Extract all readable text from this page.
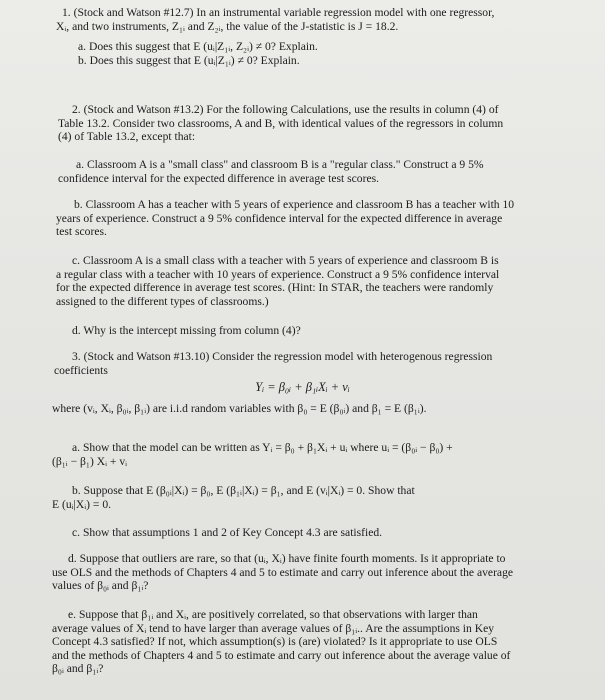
1. (Stock and Watson #12.7) In an instrumental variable regression model with one regressor,

Xᵢ, and two instruments, Z₁ᵢ and Z₂ᵢ, the value of the J-statistic is J = 18.2.

a. Does this suggest that E (uᵢ|Z₁ᵢ, Z₂ᵢ) ≠ 0? Explain.

b. Does this suggest that E (uᵢ|Z₁ᵢ) ≠ 0? Explain.

2. (Stock and Watson #13.2) For the following Calculations, use the results in column (4) of

Table 13.2. Consider two classrooms, A and B, with identical values of the regressors in column

(4) of Table 13.2, except that:

a. Classroom A is a "small class" and classroom B is a "regular class." Construct a 9 5%

confidence interval for the expected difference in average test scores.

b. Classroom A has a teacher with 5 years of experience and classroom B has a teacher with 10

years of experience. Construct a 9 5% confidence interval for the expected difference in average

test scores.

c. Classroom A is a small class with a teacher with 5 years of experience and classroom B is

a regular class with a teacher with 10 years of experience. Construct a 9 5% confidence interval

for the expected difference in average test scores. (Hint: In STAR, the teachers were randomly

assigned to the different types of classrooms.)

d. Why is the intercept missing from column (4)?

3. (Stock and Watson #13.10) Consider the regression model with heterogenous regression

coefficients

Yᵢ = β₀ᵢ + β₁ᵢXᵢ + vᵢ

where (vᵢ, Xᵢ, β₀ᵢ, β₁ᵢ) are i.i.d random variables with β₀ = E (β₀ᵢ) and β₁ = E (β₁ᵢ).

a. Show that the model can be written as Yᵢ = β₀ + β₁Xᵢ + uᵢ where uᵢ = (β₀ᵢ − β₀) +

(β₁ᵢ − β₁) Xᵢ + vᵢ

b. Suppose that E (β₀ᵢ|Xᵢ) = β₀, E (β₁ᵢ|Xᵢ) = β₁, and E (vᵢ|Xᵢ) = 0. Show that

E (uᵢ|Xᵢ) = 0.

c. Show that assumptions 1 and 2 of Key Concept 4.3 are satisfied.

d. Suppose that outliers are rare, so that (uᵢ, Xᵢ) have finite fourth moments. Is it appropriate to

use OLS and the methods of Chapters 4 and 5 to estimate and carry out inference about the average

values of β₀ᵢ and β₁ᵢ?

e. Suppose that β₁ᵢ and Xᵢ, are positively correlated, so that observations with larger than

average values of Xᵢ tend to have larger than average values of β₁ᵢ.. Are the assumptions in Key

Concept 4.3 satisfied? If not, which assumption(s) is (are) violated? Is it appropriate to use OLS

and the methods of Chapters 4 and 5 to estimate and carry out inference about the average value of

β₀ᵢ and β₁ᵢ?
